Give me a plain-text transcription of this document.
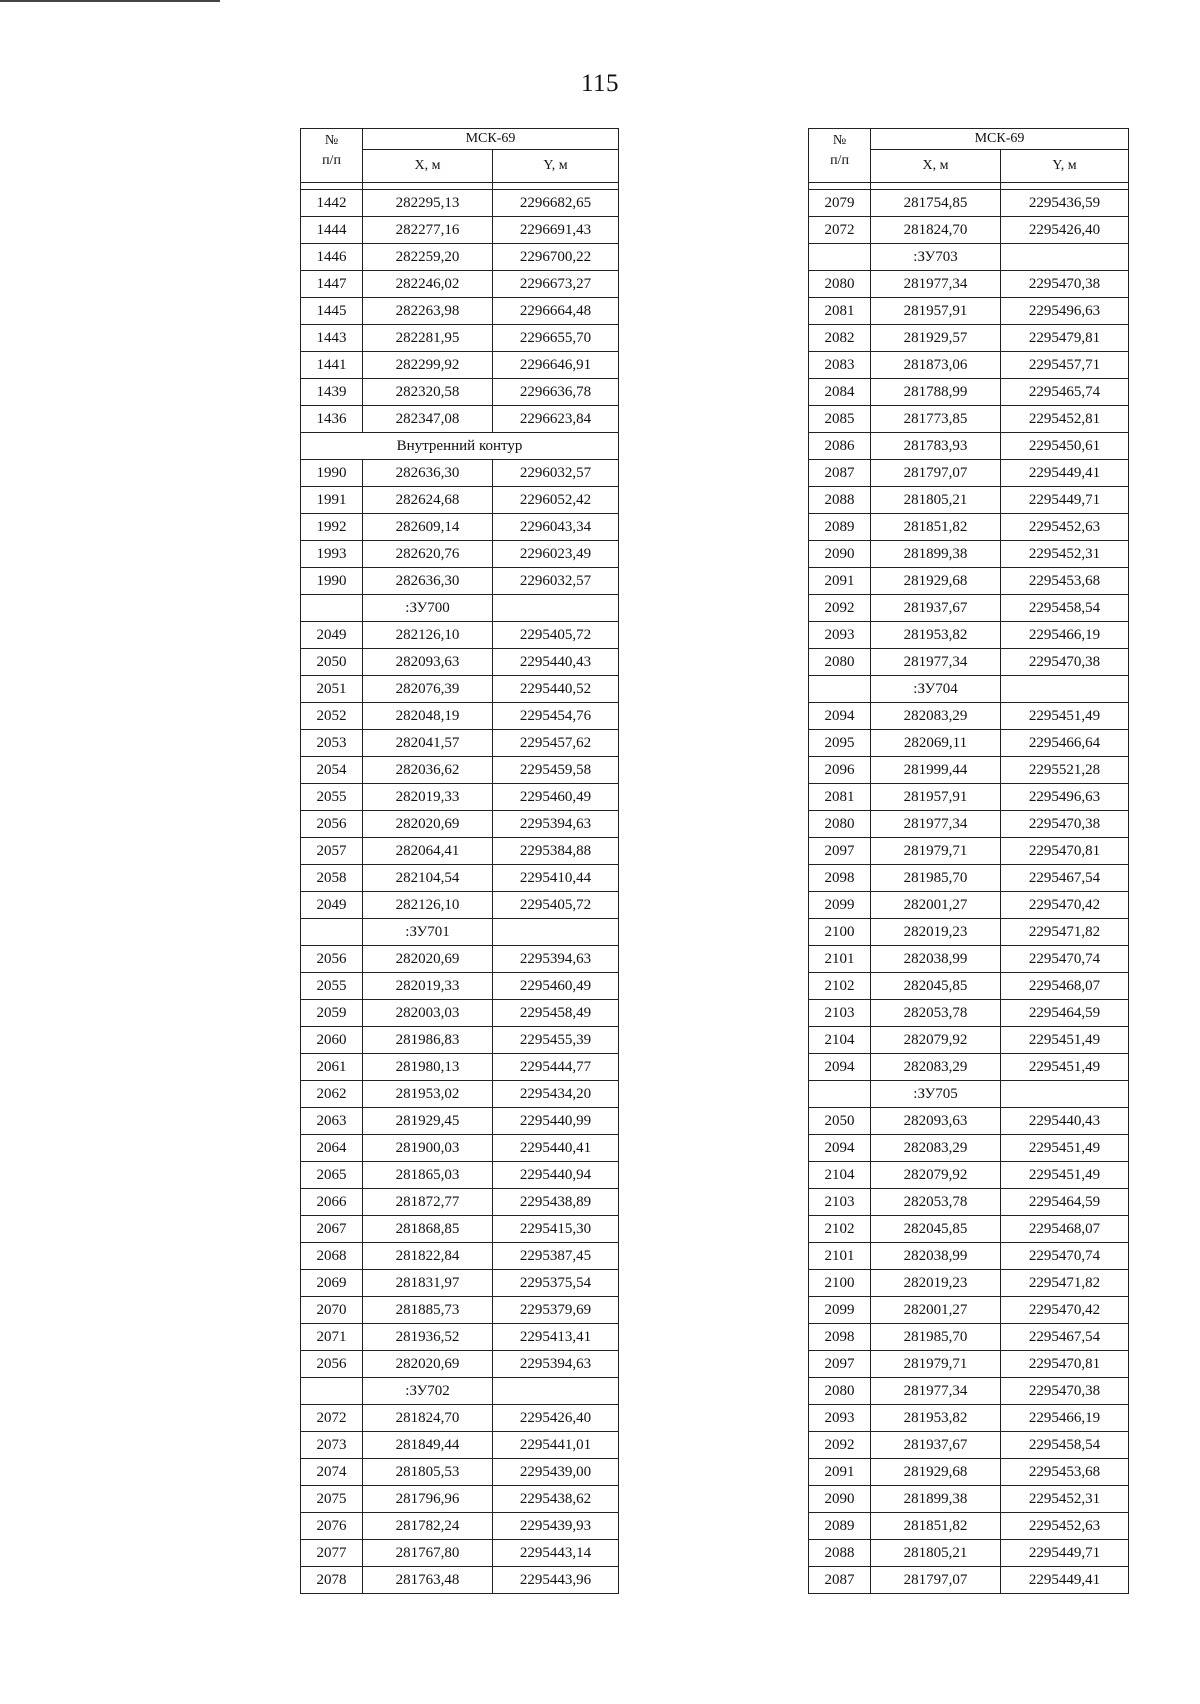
115
№
п/п	МСК-69	
	X, м	Y, м

1442	282295,13	2296682,65
1444	282277,16	2296691,43
1446	282259,20	2296700,22
1447	282246,02	2296673,27
1445	282263,98	2296664,48
1443	282281,95	2296655,70
1441	282299,92	2296646,91
1439	282320,58	2296636,78
1436	282347,08	2296623,84
Внутренний контур		
1990	282636,30	2296032,57
1991	282624,68	2296052,42
1992	282609,14	2296043,34
1993	282620,76	2296023,49
1990	282636,30	2296032,57
	:ЗУ700	
2049	282126,10	2295405,72
2050	282093,63	2295440,43
2051	282076,39	2295440,52
2052	282048,19	2295454,76
2053	282041,57	2295457,62
2054	282036,62	2295459,58
2055	282019,33	2295460,49
2056	282020,69	2295394,63
2057	282064,41	2295384,88
2058	282104,54	2295410,44
2049	282126,10	2295405,72
	:ЗУ701	
2056	282020,69	2295394,63
2055	282019,33	2295460,49
2059	282003,03	2295458,49
2060	281986,83	2295455,39
2061	281980,13	2295444,77
2062	281953,02	2295434,20
2063	281929,45	2295440,99
2064	281900,03	2295440,41
2065	281865,03	2295440,94
2066	281872,77	2295438,89
2067	281868,85	2295415,30
2068	281822,84	2295387,45
2069	281831,97	2295375,54
2070	281885,73	2295379,69
2071	281936,52	2295413,41
2056	282020,69	2295394,63
	:ЗУ702	
2072	281824,70	2295426,40
2073	281849,44	2295441,01
2074	281805,53	2295439,00
2075	281796,96	2295438,62
2076	281782,24	2295439,93
2077	281767,80	2295443,14
2078	281763,48	2295443,96
№
п/п	МСК-69	
	X, м	Y, м

2079	281754,85	2295436,59
2072	281824,70	2295426,40
	:ЗУ703	
2080	281977,34	2295470,38
2081	281957,91	2295496,63
2082	281929,57	2295479,81
2083	281873,06	2295457,71
2084	281788,99	2295465,74
2085	281773,85	2295452,81
2086	281783,93	2295450,61
2087	281797,07	2295449,41
2088	281805,21	2295449,71
2089	281851,82	2295452,63
2090	281899,38	2295452,31
2091	281929,68	2295453,68
2092	281937,67	2295458,54
2093	281953,82	2295466,19
2080	281977,34	2295470,38
	:ЗУ704	
2094	282083,29	2295451,49
2095	282069,11	2295466,64
2096	281999,44	2295521,28
2081	281957,91	2295496,63
2080	281977,34	2295470,38
2097	281979,71	2295470,81
2098	281985,70	2295467,54
2099	282001,27	2295470,42
2100	282019,23	2295471,82
2101	282038,99	2295470,74
2102	282045,85	2295468,07
2103	282053,78	2295464,59
2104	282079,92	2295451,49
2094	282083,29	2295451,49
	:ЗУ705	
2050	282093,63	2295440,43
2094	282083,29	2295451,49
2104	282079,92	2295451,49
2103	282053,78	2295464,59
2102	282045,85	2295468,07
2101	282038,99	2295470,74
2100	282019,23	2295471,82
2099	282001,27	2295470,42
2098	281985,70	2295467,54
2097	281979,71	2295470,81
2080	281977,34	2295470,38
2093	281953,82	2295466,19
2092	281937,67	2295458,54
2091	281929,68	2295453,68
2090	281899,38	2295452,31
2089	281851,82	2295452,63
2088	281805,21	2295449,71
2087	281797,07	2295449,41
